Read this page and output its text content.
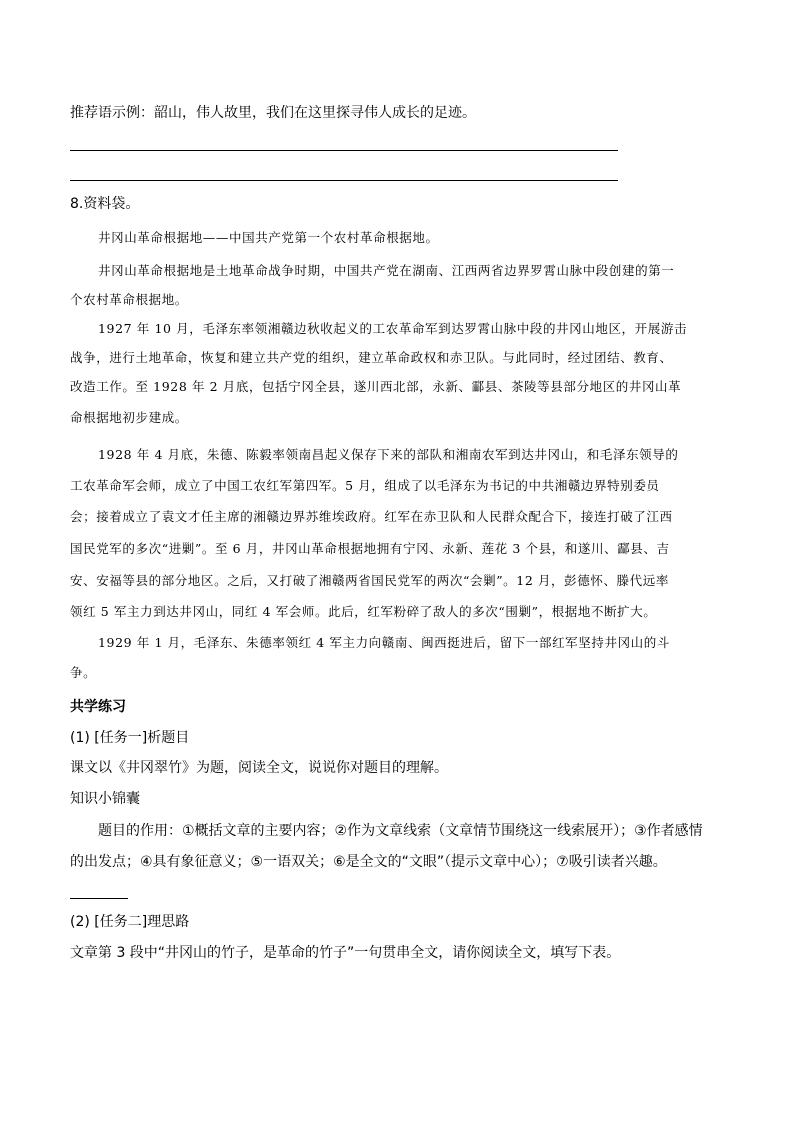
推荐语示例：韶山，伟人故里，我们在这里探寻伟人成长的足迹。
8.资料袋。
井冈山革命根据地——中国共产党第一个农村革命根据地。
井冈山革命根据地是土地革命战争时期，中国共产党在湖南、江西两省边界罗霄山脉中段创建的第一
个农村革命根据地。
1927 年 10 月，毛泽东率领湘赣边秋收起义的工农革命军到达罗霄山脉中段的井冈山地区，开展游击
战争，进行土地革命，恢复和建立共产党的组织，建立革命政权和赤卫队。与此同时，经过团结、教育、
改造工作。至 1928 年 2 月底，包括宁冈全县，遂川西北部，永新、酃县、茶陵等县部分地区的井冈山革
命根据地初步建成。
1928 年 4 月底，朱德、陈毅率领南昌起义保存下来的部队和湘南农军到达井冈山，和毛泽东领导的
工农革命军会师，成立了中国工农红军第四军。5 月，组成了以毛泽东为书记的中共湘赣边界特别委员
会；接着成立了袁文才任主席的湘赣边界苏维埃政府。红军在赤卫队和人民群众配合下，接连打破了江西
国民党军的多次“进剿”。至 6 月，井冈山革命根据地拥有宁冈、永新、莲花 3 个县，和遂川、酃县、吉
安、安福等县的部分地区。之后，又打破了湘赣两省国民党军的两次“会剿”。12 月，彭德怀、滕代远率
领红 5 军主力到达井冈山，同红 4 军会师。此后，红军粉碎了敌人的多次“围剿”，根据地不断扩大。
1929 年 1 月，毛泽东、朱德率领红 4 军主力向赣南、闽西挺进后，留下一部红军坚持井冈山的斗
争。
共学练习
(1) [任务一]析题目
课文以《井冈翠竹》为题，阅读全文，说说你对题目的理解。
知识小锦囊
题目的作用：①概括文章的主要内容；②作为文章线索（文章情节围绕这一线索展开）；③作者感情
的出发点；④具有象征意义；⑤一语双关；⑥是全文的“文眼”（提示文章中心）；⑦吸引读者兴趣。
(2) [任务二]理思路
文章第 3 段中“井冈山的竹子，是革命的竹子”一句贯串全文，请你阅读全文，填写下表。
